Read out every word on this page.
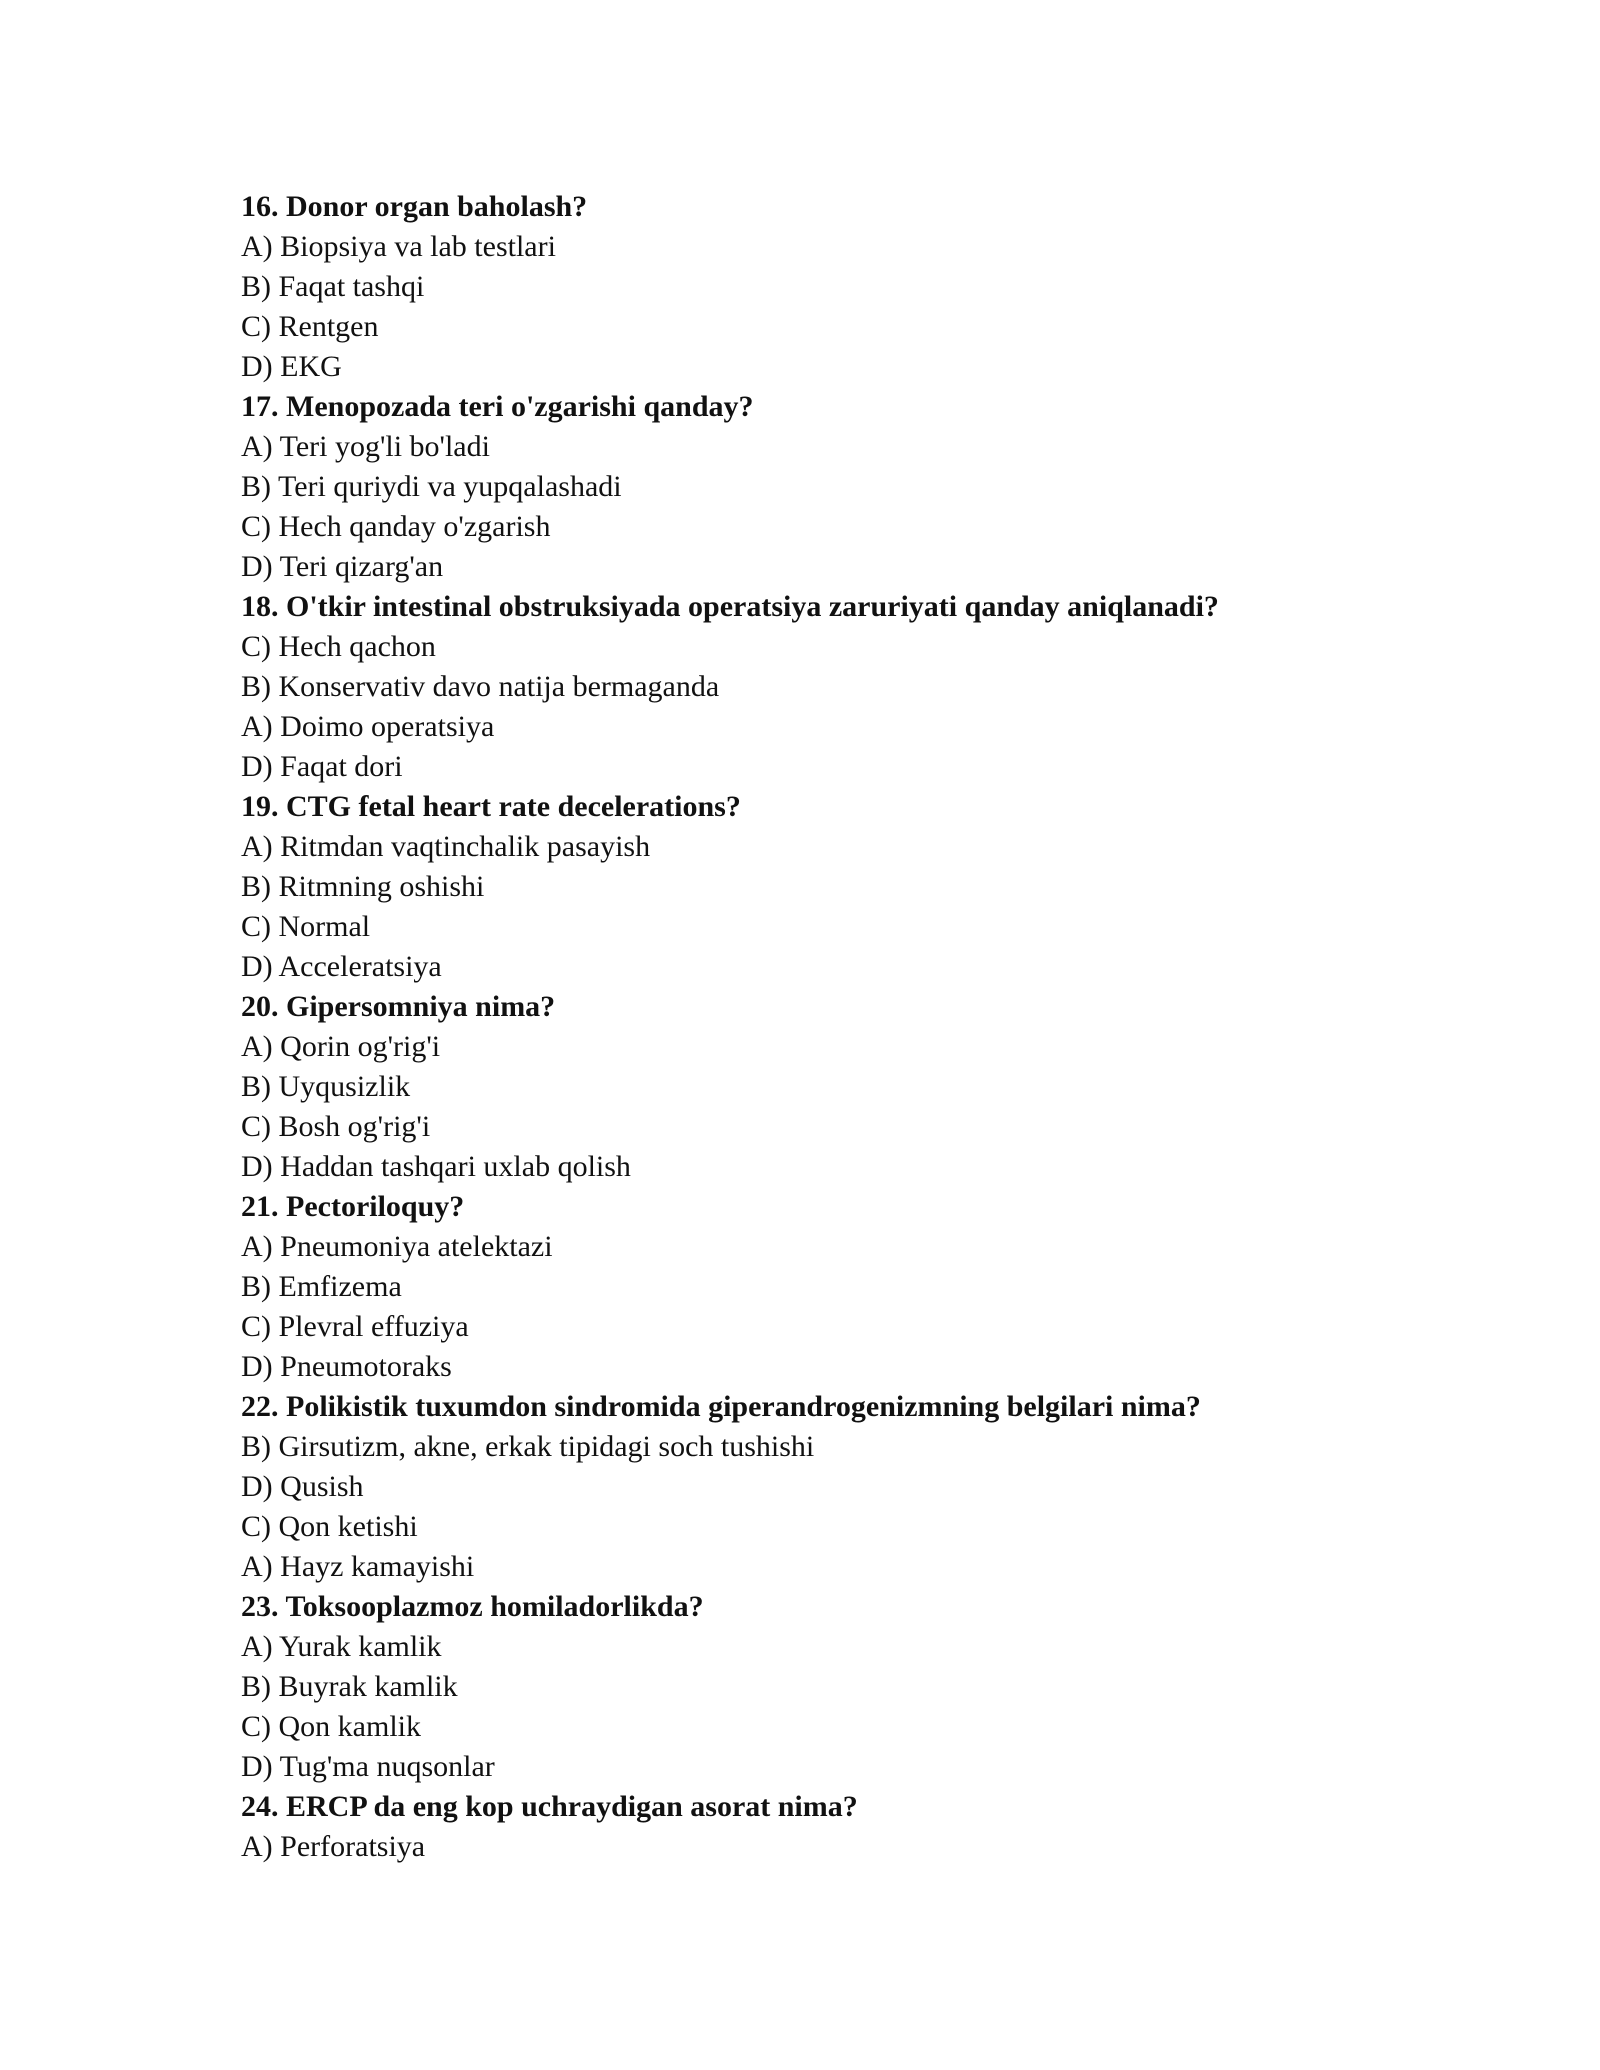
16. Donor organ baholash?
A) Biopsiya va lab testlari
B) Faqat tashqi
C) Rentgen
D) EKG
17. Menopozada teri o'zgarishi qanday?
A) Teri yog'li bo'ladi
B) Teri quriydi va yupqalashadi
C) Hech qanday o'zgarish
D) Teri qizarg'an
18. O'tkir intestinal obstruksiyada operatsiya zaruriyati qanday aniqlanadi?
C) Hech qachon
B) Konservativ davo natija bermaganda
A) Doimo operatsiya
D) Faqat dori
19. CTG fetal heart rate decelerations?
A) Ritmdan vaqtinchalik pasayish
B) Ritmning oshishi
C) Normal
D) Acceleratsiya
20. Gipersomniya nima?
A) Qorin og'rig'i
B) Uyqusizlik
C) Bosh og'rig'i
D) Haddan tashqari uxlab qolish
21. Pectoriloquy?
A) Pneumoniya atelektazi
B) Emfizema
C) Plevral effuziya
D) Pneumotoraks
22. Polikistik tuxumdon sindromida giperandrogenizmning belgilari nima?
B) Girsutizm, akne, erkak tipidagi soch tushishi
D) Qusish
C) Qon ketishi
A) Hayz kamayishi
23. Toksooplazmoz homiladorlikda?
A) Yurak kamlik
B) Buyrak kamlik
C) Qon kamlik
D) Tug'ma nuqsonlar
24. ERCP da eng kop uchraydigan asorat nima?
A) Perforatsiya
